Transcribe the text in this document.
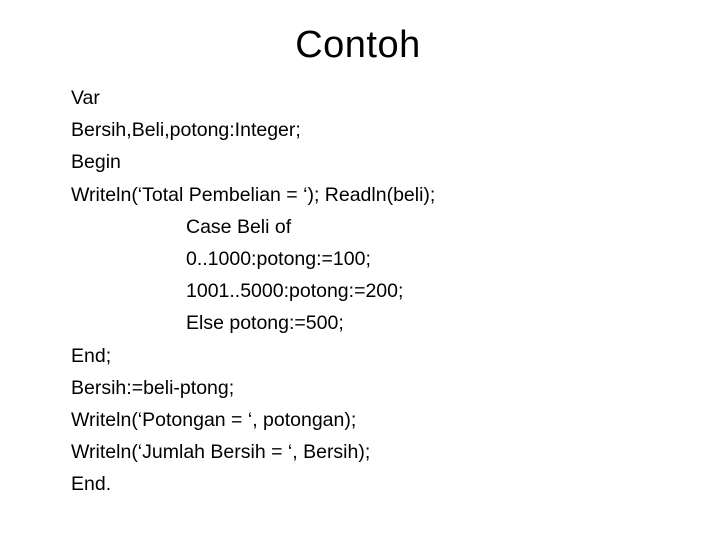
Contoh
Var
Bersih,Beli,potong:Integer;
Begin
Writeln(‘Total Pembelian = ‘); Readln(beli);
Case Beli of
0..1000:potong:=100;
1001..5000:potong:=200;
Else potong:=500;
End;
Bersih:=beli-ptong;
Writeln(‘Potongan = ‘, potongan);
Writeln(‘Jumlah Bersih = ‘, Bersih);
End.
